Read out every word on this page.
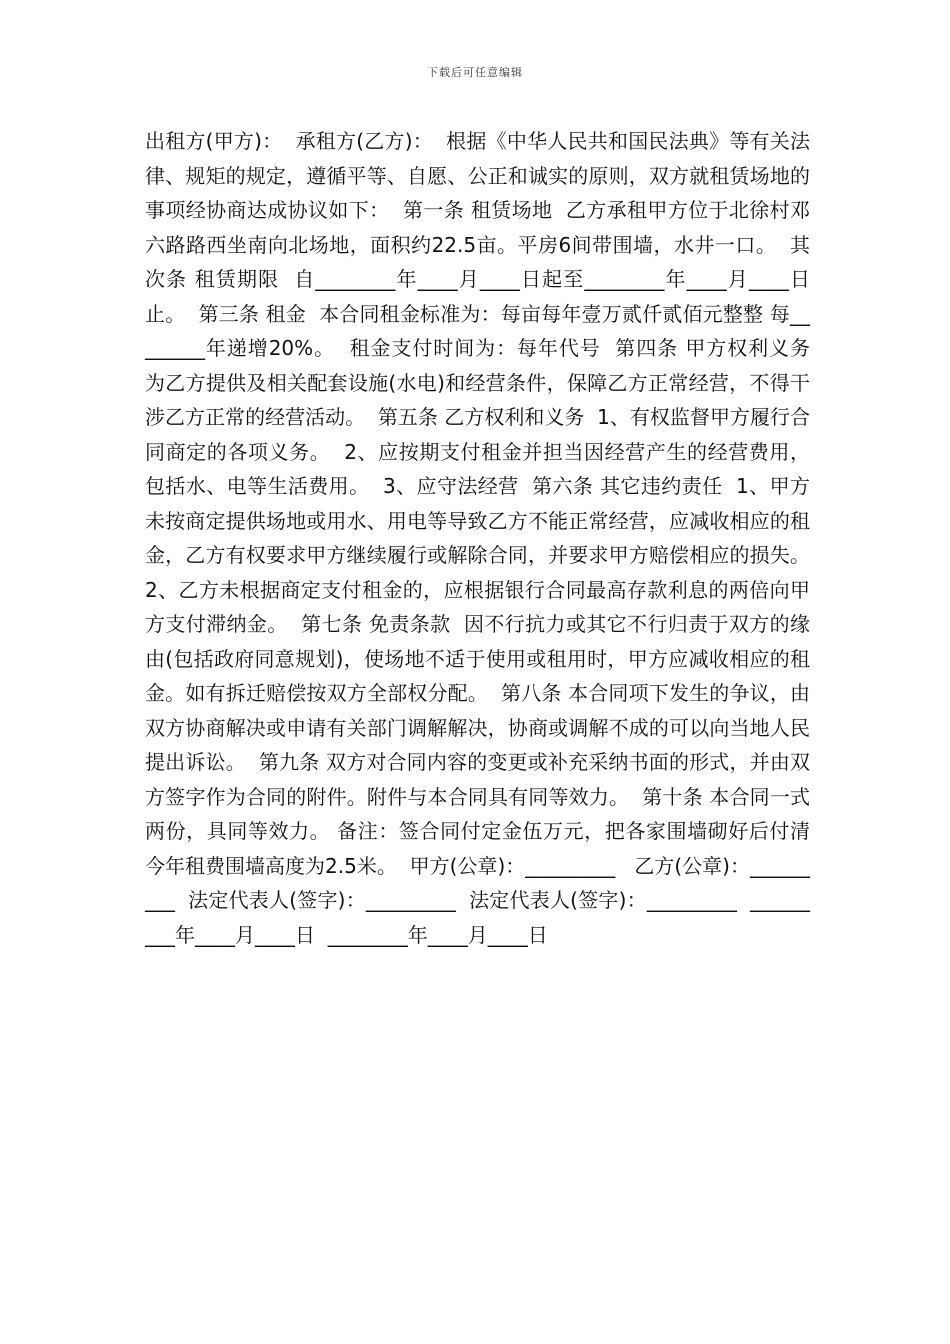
下载后可任意编辑
出租方(甲方)：  承租方(乙方)：  根据《中华人民共和国民法典》等有关法律、规矩的规定，遵循平等、自愿、公正和诚实的原则，双方就租赁场地的事项经协商达成协议如下：  第一条 租赁场地  乙方承租甲方位于北徐村邓六路路西坐南向北场地，面积约22.5亩。平房6间带围墙，水井一口。  其次条 租赁期限  自________年____月____日起至________年____月____日止。  第三条 租金  本合同租金标准为：每亩每年壹万贰仟贰佰元整整 每________年递增20%。  租金支付时间为：每年代号  第四条 甲方权利义务  为乙方提供及相关配套设施(水电)和经营条件，保障乙方正常经营，不得干涉乙方正常的经营活动。  第五条 乙方权利和义务  1、有权监督甲方履行合同商定的各项义务。  2、应按期支付租金并担当因经营产生的经营费用，包括水、电等生活费用。  3、应守法经营  第六条 其它违约责任  1、甲方未按商定提供场地或用水、用电等导致乙方不能正常经营，应减收相应的租金，乙方有权要求甲方继续履行或解除合同，并要求甲方赔偿相应的损失。  2、乙方未根据商定支付租金的，应根据银行合同最高存款利息的两倍向甲方支付滞纳金。  第七条 免责条款  因不行抗力或其它不行归责于双方的缘由(包括政府同意规划)，使场地不适于使用或租用时，甲方应减收相应的租金。如有拆迁赔偿按双方全部权分配。  第八条 本合同项下发生的争议，由双方协商解决或申请有关部门调解解决，协商或调解不成的可以向当地人民提出诉讼。  第九条 双方对合同内容的变更或补充采纳书面的形式，并由双方签字作为合同的附件。附件与本合同具有同等效力。  第十条 本合同一式两份，具同等效力。 备注：签合同付定金伍万元，把各家围墙砌好后付清今年租费围墙高度为2.5米。  甲方(公章)：_________   乙方(公章)：_________  法定代表人(签字)：_________  法定代表人(签字)：_________  _________年____月____日  ________年____月____日
